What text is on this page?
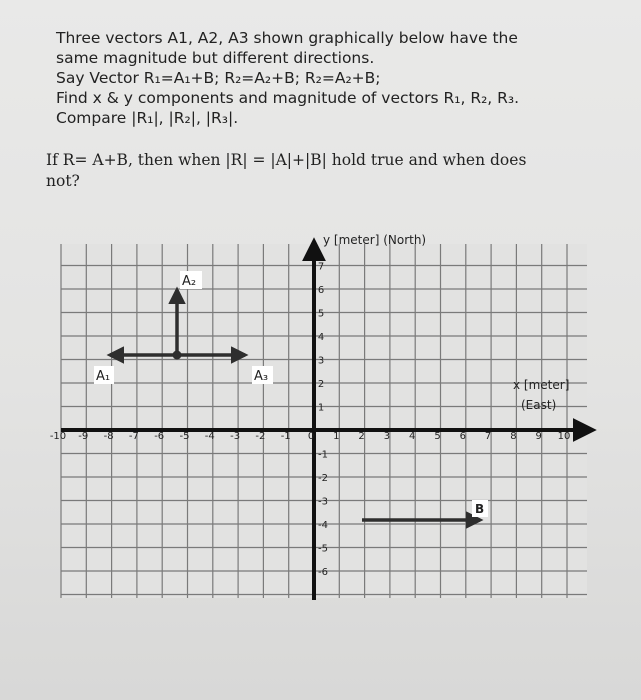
Three vectors A1, A2, A3 shown graphically below have the
same magnitude but different directions.
Say Vector R₁=A₁+B; R₂=A₂+B; R₂=A₂+B;
Find x & y components and magnitude of vectors R₁, R₂, R₃.
Compare |R₁|, |R₂|, |R₃|.
If R= A+B, then when |R| = |A|+|B| hold true and when does
not?
y [meter] (North)
x [meter]
(East)
-10 -9 -8 -7 -6 -5 -4 -3 -2 -1 0 1 2 3 4 5 6 7 8 9 10
1
2
3
4
5
6
7
-1
-2
-3
-4
-5
-6
A₁
A₂
A₃
B
